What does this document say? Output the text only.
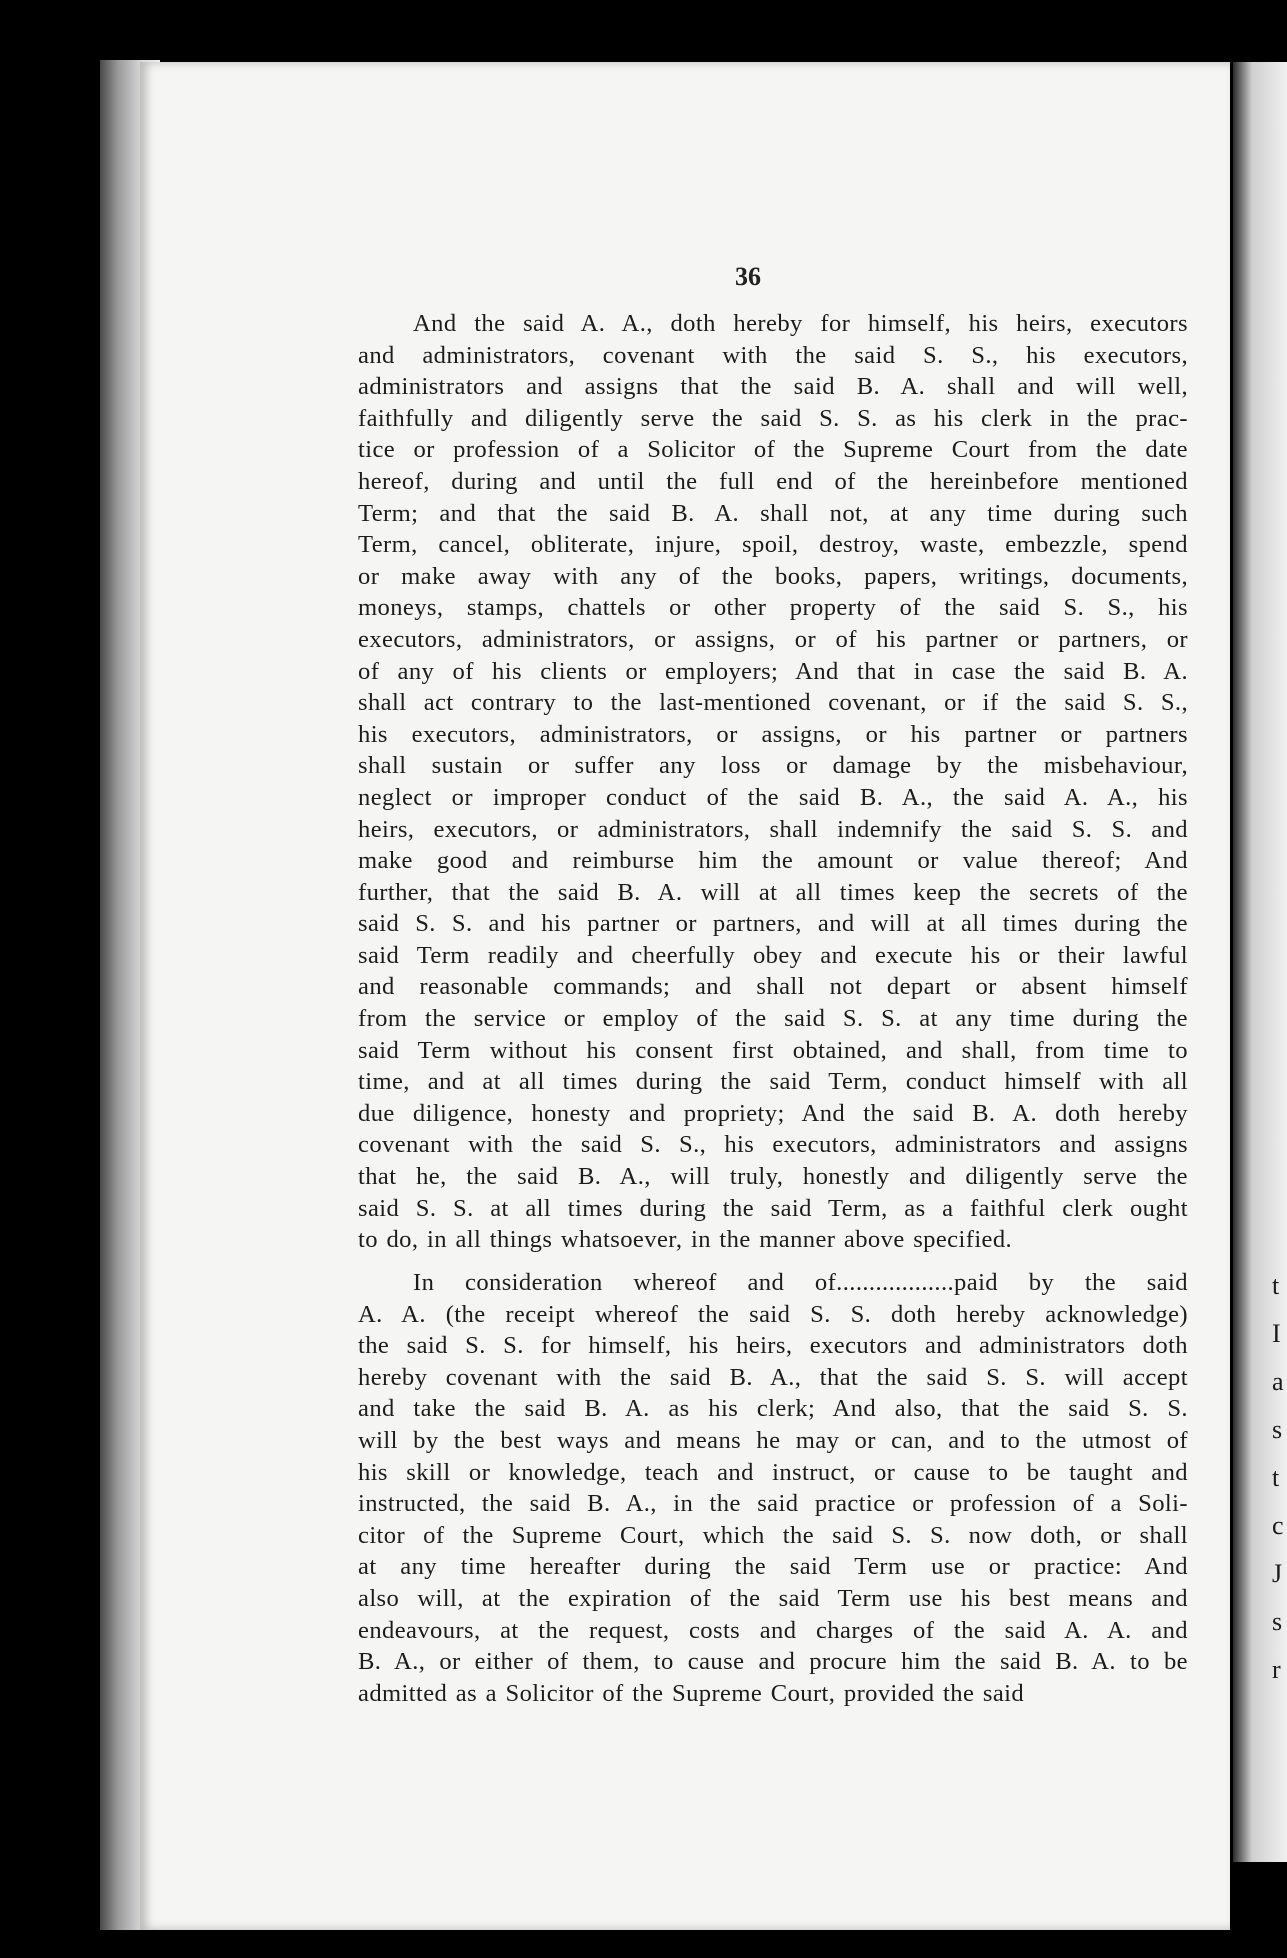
t
I
a
s
t
c
J
s
r
36
And the said A. A., doth hereby for himself, his heirs, executors
and administrators, covenant with the said S. S., his executors,
administrators and assigns that the said B. A. shall and will well,
faithfully and diligently serve the said S. S. as his clerk in the prac-
tice or profession of a Solicitor of the Supreme Court from the date
hereof, during and until the full end of the hereinbefore mentioned
Term; and that the said B. A. shall not, at any time during such
Term, cancel, obliterate, injure, spoil, destroy, waste, embezzle, spend
or make away with any of the books, papers, writings, documents,
moneys, stamps, chattels or other property of the said S. S., his
executors, administrators, or assigns, or of his partner or partners, or
of any of his clients or employers; And that in case the said B. A.
shall act contrary to the last-mentioned covenant, or if the said S. S.,
his executors, administrators, or assigns, or his partner or partners
shall sustain or suffer any loss or damage by the misbehaviour,
neglect or improper conduct of the said B. A., the said A. A., his
heirs, executors, or administrators, shall indemnify the said S. S. and
make good and reimburse him the amount or value thereof; And
further, that the said B. A. will at all times keep the secrets of the
said S. S. and his partner or partners, and will at all times during the
said Term readily and cheerfully obey and execute his or their lawful
and reasonable commands; and shall not depart or absent himself
from the service or employ of the said S. S. at any time during the
said Term without his consent first obtained, and shall, from time to
time, and at all times during the said Term, conduct himself with all
due diligence, honesty and propriety; And the said B. A. doth hereby
covenant with the said S. S., his executors, administrators and assigns
that he, the said B. A., will truly, honestly and diligently serve the
said S. S. at all times during the said Term, as a faithful clerk ought
to do, in all things whatsoever, in the manner above specified.
In consideration whereof and of..................paid by the said
A. A. (the receipt whereof the said S. S. doth hereby acknowledge)
the said S. S. for himself, his heirs, executors and administrators doth
hereby covenant with the said B. A., that the said S. S. will accept
and take the said B. A. as his clerk; And also, that the said S. S.
will by the best ways and means he may or can, and to the utmost of
his skill or knowledge, teach and instruct, or cause to be taught and
instructed, the said B. A., in the said practice or profession of a Soli-
citor of the Supreme Court, which the said S. S. now doth, or shall
at any time hereafter during the said Term use or practice: And
also will, at the expiration of the said Term use his best means and
endeavours, at the request, costs and charges of the said A. A. and
B. A., or either of them, to cause and procure him the said B. A. to be
admitted as a Solicitor of the Supreme Court, provided the said
